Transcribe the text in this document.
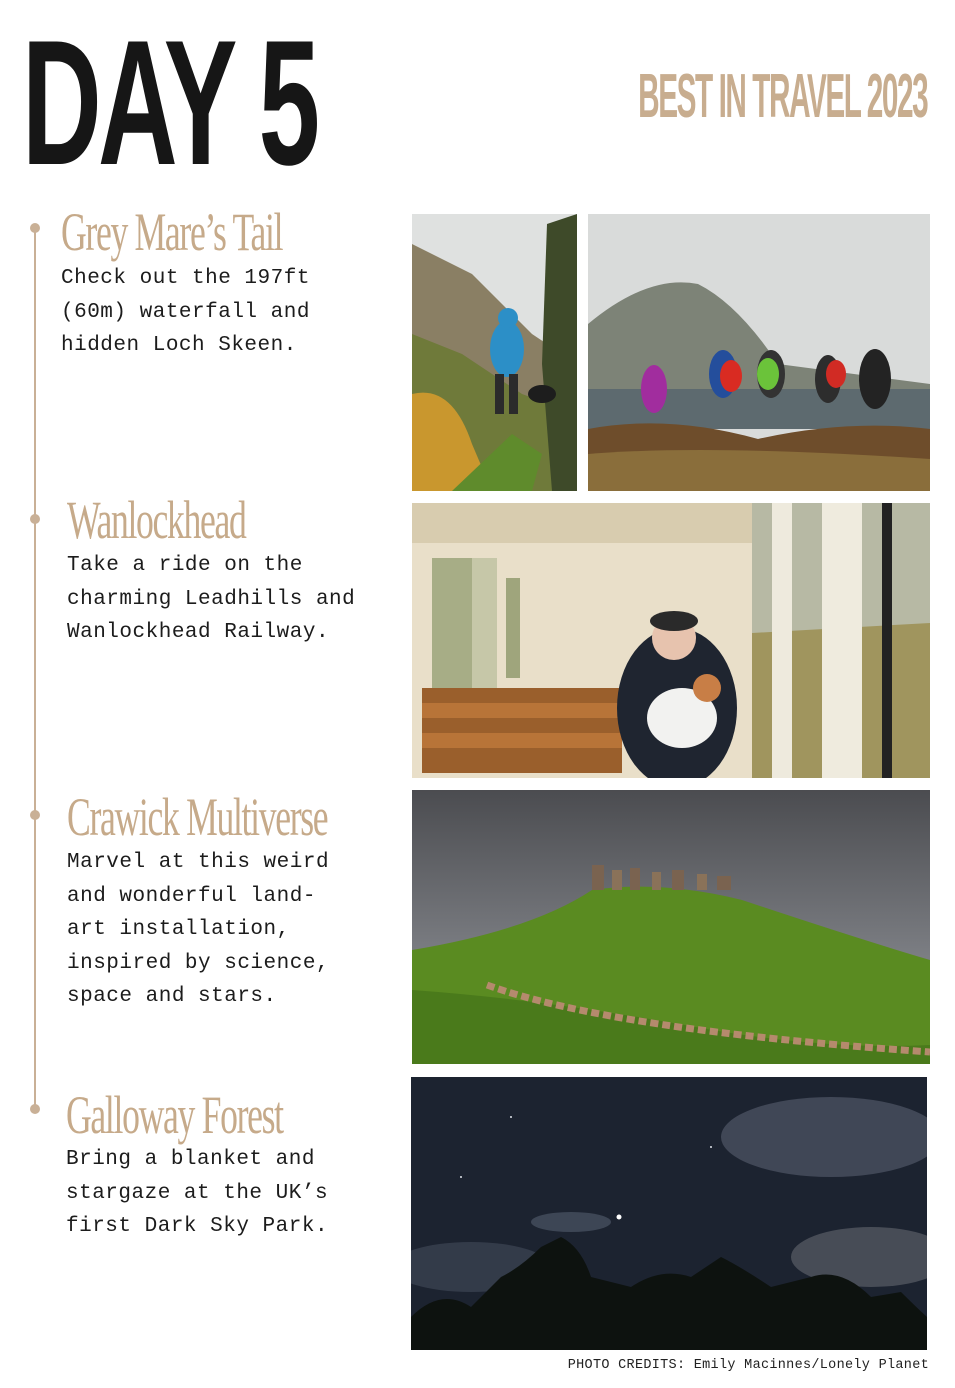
DAY 5	BEST IN TRAVEL 2023
Grey Mare’s Tail

Check out the 197ft
(60m) waterfall and
hidden Loch Skeen.

Wanlockhead

Take a ride on the
charming Leadhills and
Wanlockhead Railway.

Crawick Multiverse

Marvel at this weird
and wonderful land-
art installation,
inspired by science,
space and stars.

Galloway Forest

Bring a blanket and
stargaze at the UK’s
first Dark Sky Park.

PHOTO CREDITS: Emily Macinnes/Lonely Planet
